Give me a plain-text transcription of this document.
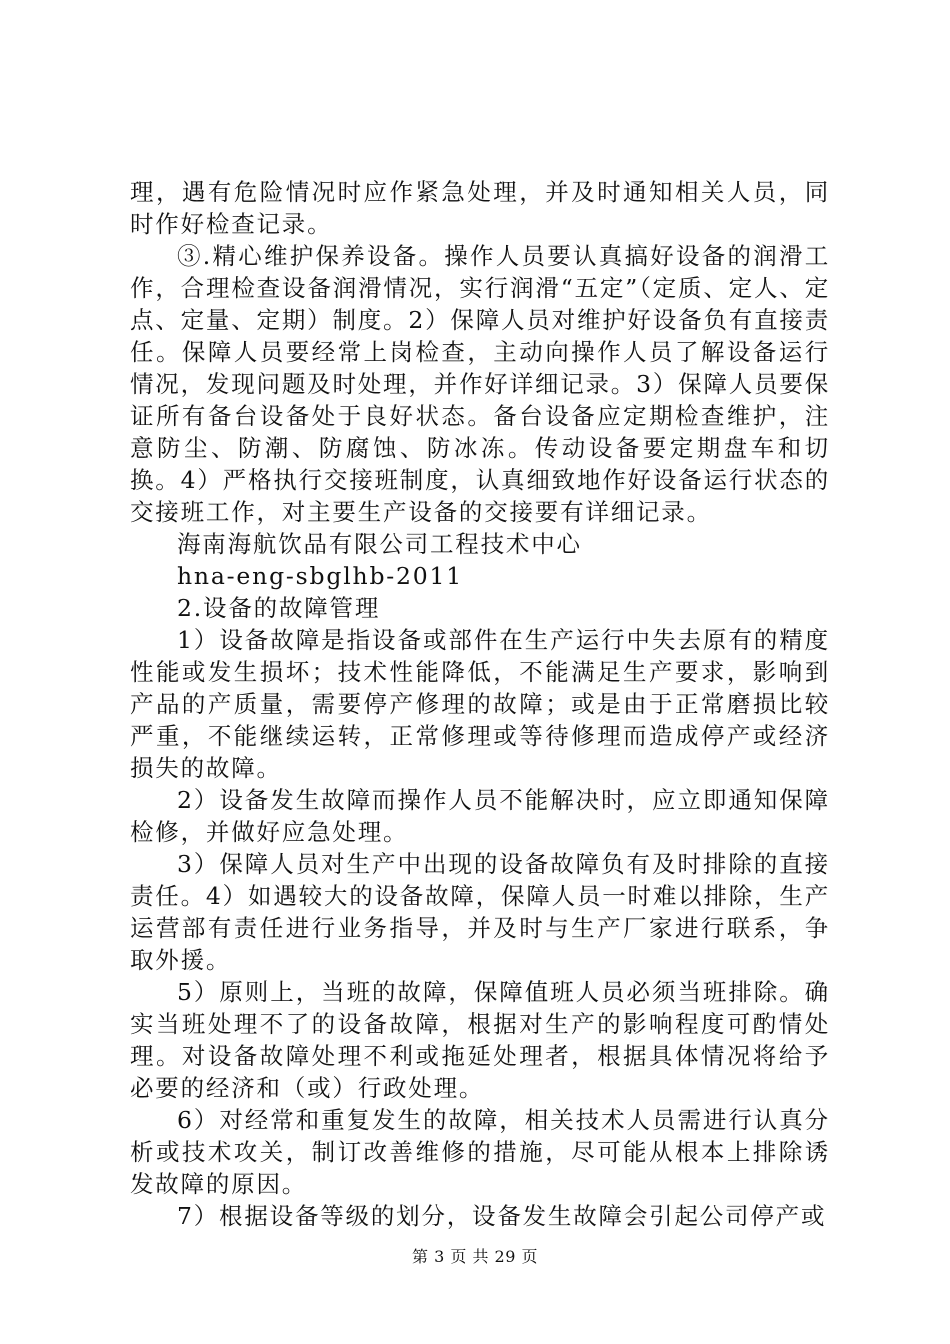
理，遇有危险情况时应作紧急处理，并及时通知相关人员，同时作好检查记录。

③.精心维护保养设备。操作人员要认真搞好设备的润滑工作，合理检查设备润滑情况，实行润滑“五定”（定质、定人、定点、定量、定期）制度。2）保障人员对维护好设备负有直接责任。保障人员要经常上岗检查，主动向操作人员了解设备运行情况，发现问题及时处理，并作好详细记录。3）保障人员要保证所有备台设备处于良好状态。备台设备应定期检查维护，注意防尘、防潮、防腐蚀、防冰冻。传动设备要定期盘车和切换。4）严格执行交接班制度，认真细致地作好设备运行状态的交接班工作，对主要生产设备的交接要有详细记录。

海南海航饮品有限公司工程技术中心

hna-eng-sbglhb-2011

2.设备的故障管理

1）设备故障是指设备或部件在生产运行中失去原有的精度性能或发生损坏；技术性能降低，不能满足生产要求，影响到产品的产质量，需要停产修理的故障；或是由于正常磨损比较严重，不能继续运转，正常修理或等待修理而造成停产或经济损失的故障。

2）设备发生故障而操作人员不能解决时，应立即通知保障检修，并做好应急处理。

3）保障人员对生产中出现的设备故障负有及时排除的直接责任。4）如遇较大的设备故障，保障人员一时难以排除，生产运营部有责任进行业务指导，并及时与生产厂家进行联系，争取外援。

5）原则上，当班的故障，保障值班人员必须当班排除。确实当班处理不了的设备故障，根据对生产的影响程度可酌情处理。对设备故障处理不利或拖延处理者，根据具体情况将给予必要的经济和（或）行政处理。

6）对经常和重复发生的故障，相关技术人员需进行认真分析或技术攻关，制订改善维修的措施，尽可能从根本上排除诱发故障的原因。

7）根据设备等级的划分，设备发生故障会引起公司停产或

第 3 页 共 29 页
